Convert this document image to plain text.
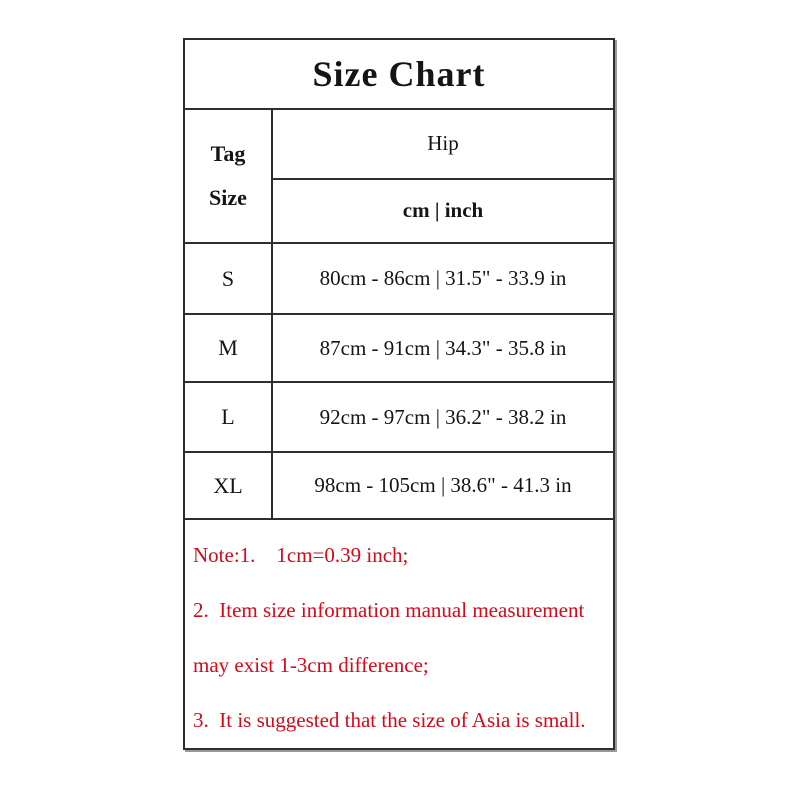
Size Chart
Tag
Size
Hip
cm | inch
S	80cm - 86cm | 31.5" - 33.9 in
M	87cm - 91cm | 34.3" - 35.8 in
L	92cm - 97cm | 36.2" - 38.2 in
XL	98cm - 105cm | 38.6" - 41.3 in
Note:1.    1cm=0.39 inch;
2.  Item size information manual measurement
may exist 1-3cm difference;
3.  It is suggested that the size of Asia is small.
